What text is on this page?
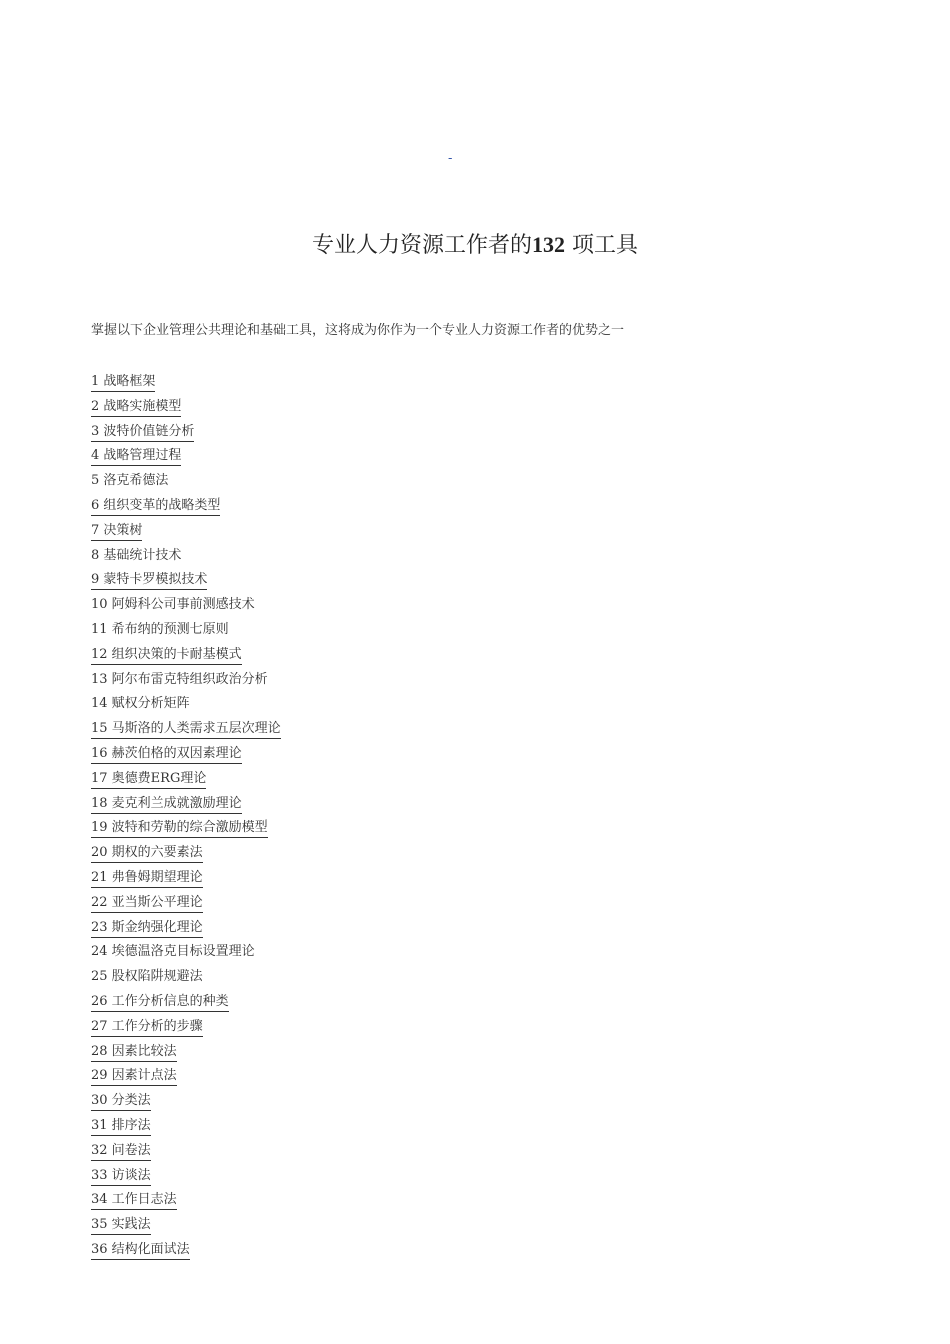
-
专业人力资源工作者的132 项工具
掌握以下企业管理公共理论和基础工具，这将成为你作为一个专业人力资源工作者的优势之一
1 战略框架
2 战略实施模型
3 波特价值链分析
4 战略管理过程
5 洛克希德法
6 组织变革的战略类型
7 决策树
8 基础统计技术
9 蒙特卡罗模拟技术
10 阿姆科公司事前测感技术
11 希布纳的预测七原则
12 组织决策的卡耐基模式
13 阿尔布雷克特组织政治分析
14 赋权分析矩阵
15 马斯洛的人类需求五层次理论
16 赫茨伯格的双因素理论
17 奥德费ERG理论
18 麦克利兰成就激励理论
19 波特和劳勒的综合激励模型
20 期权的六要素法
21 弗鲁姆期望理论
22 亚当斯公平理论
23 斯金纳强化理论
24 埃德温洛克目标设置理论
25 股权陷阱规避法
26 工作分析信息的种类
27 工作分析的步骤
28 因素比较法
29 因素计点法
30 分类法
31 排序法
32 问卷法
33 访谈法
34 工作日志法
35 实践法
36 结构化面试法
